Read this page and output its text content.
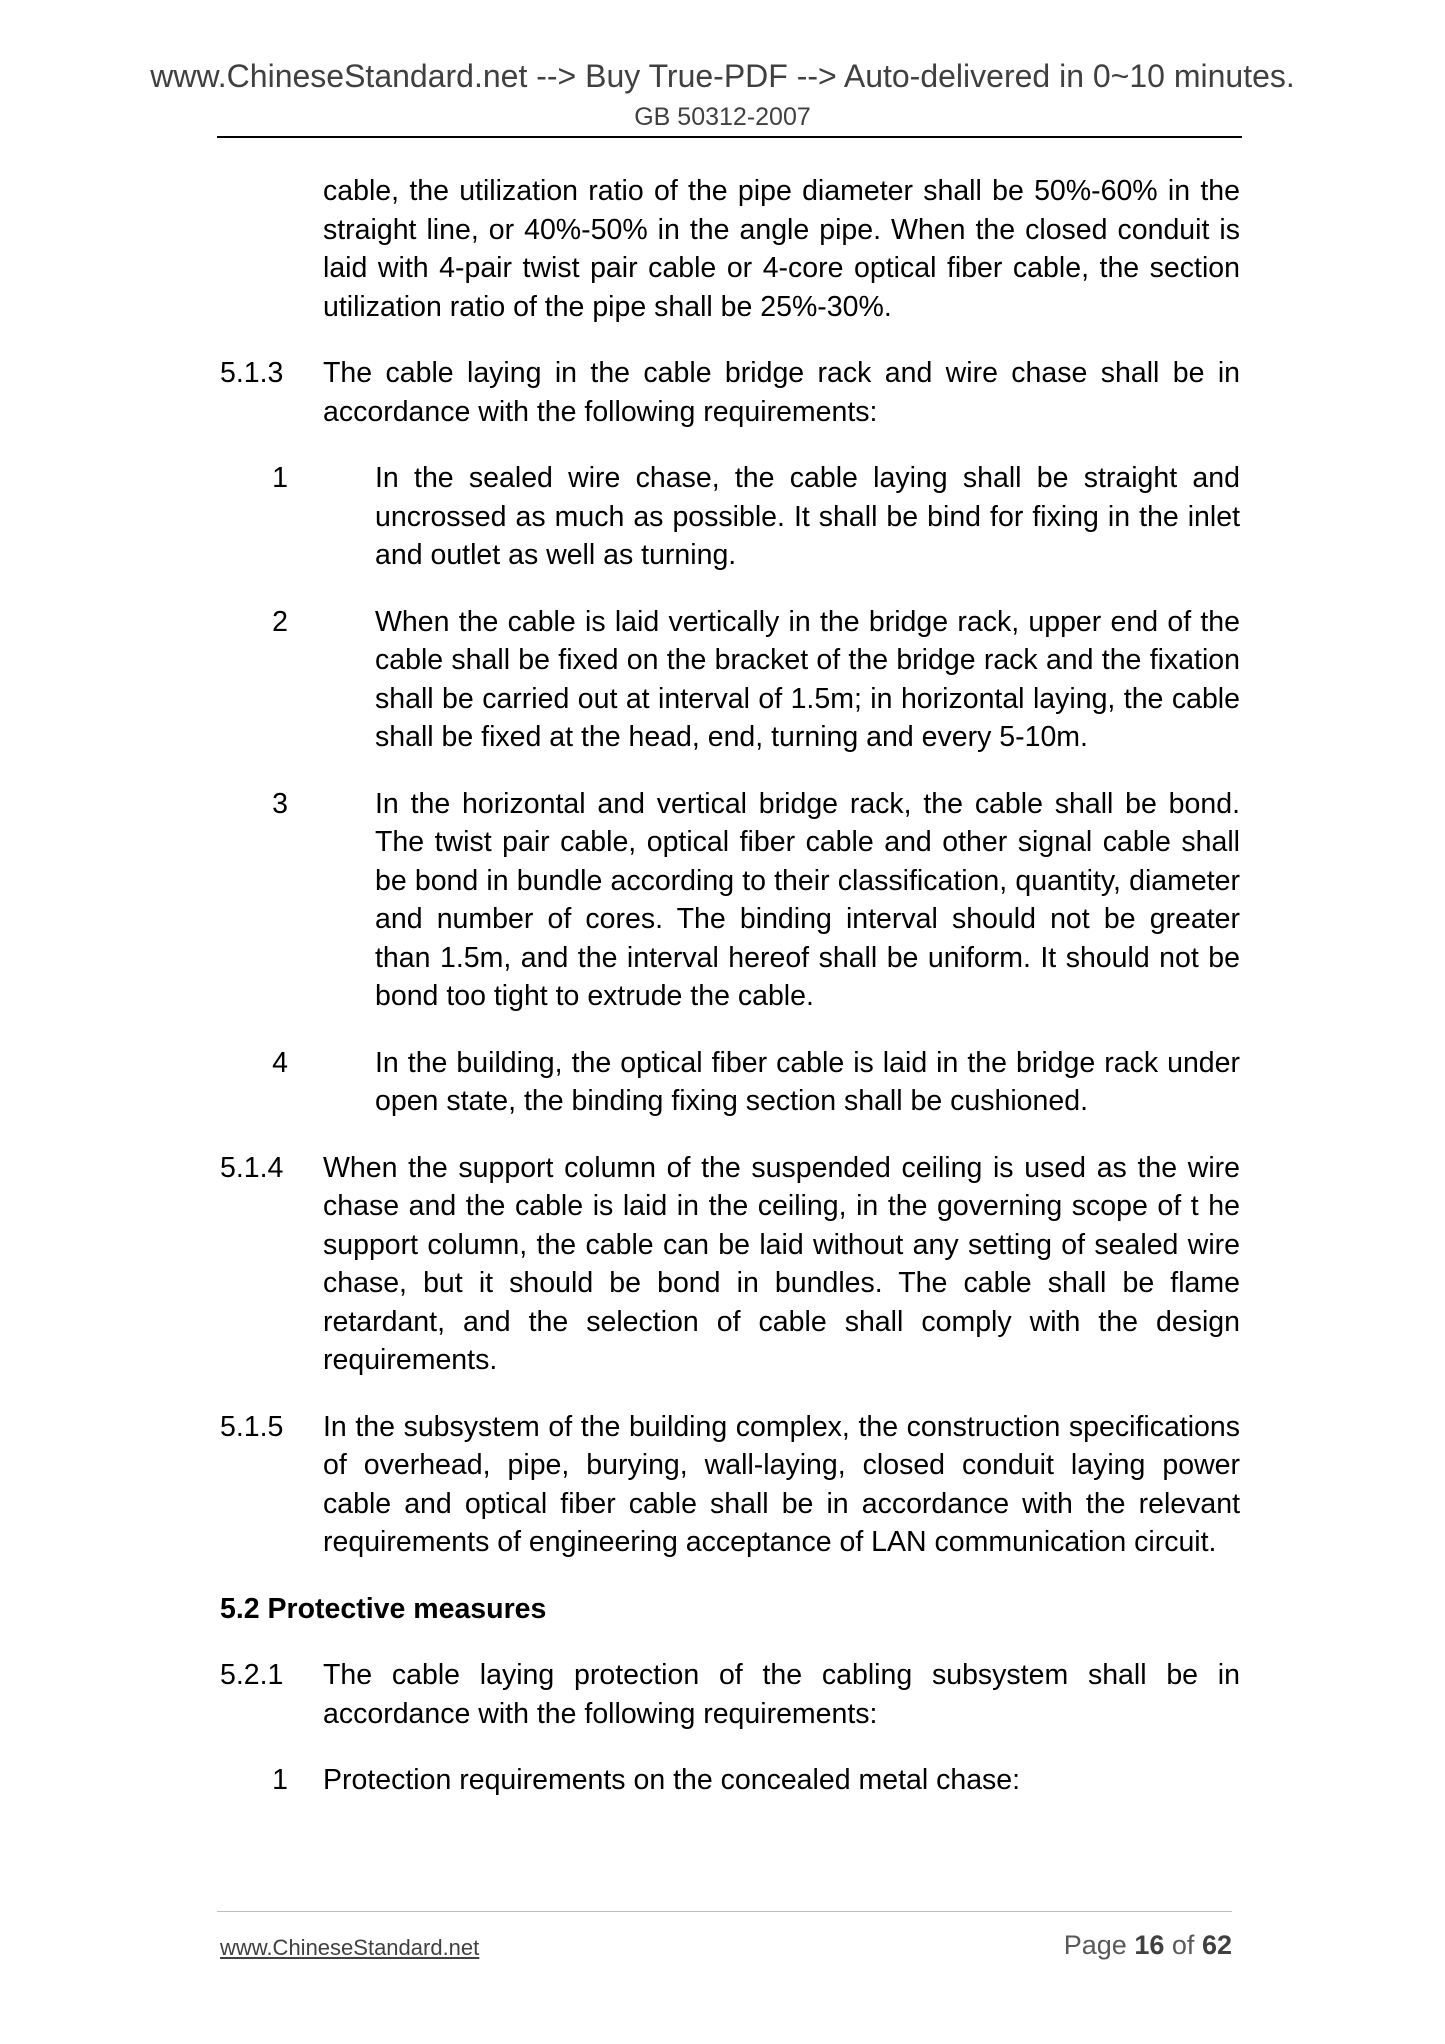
www.ChineseStandard.net --> Buy True-PDF --> Auto-delivered in 0~10 minutes.
GB 50312-2007
cable, the utilization ratio of the pipe diameter shall be 50%-60% in the straight line, or 40%-50% in the angle pipe. When the closed conduit is laid with 4-pair twist pair cable or 4-core optical fiber cable, the section utilization ratio of the pipe shall be 25%-30%.
5.1.3	The cable laying in the cable bridge rack and wire chase shall be in accordance with the following requirements:
1	In the sealed wire chase, the cable laying shall be straight and uncrossed as much as possible. It shall be bind for fixing in the inlet and outlet as well as turning.
2	When the cable is laid vertically in the bridge rack, upper end of the cable shall be fixed on the bracket of the bridge rack and the fixation shall be carried out at interval of 1.5m; in horizontal laying, the cable shall be fixed at the head, end, turning and every 5-10m.
3	In the horizontal and vertical bridge rack, the cable shall be bond. The twist pair cable, optical fiber cable and other signal cable shall be bond in bundle according to their classification, quantity, diameter and number of cores. The binding interval should not be greater than 1.5m, and the interval hereof shall be uniform. It should not be bond too tight to extrude the cable.
4	In the building, the optical fiber cable is laid in the bridge rack under open state, the binding fixing section shall be cushioned.
5.1.4	When the support column of the suspended ceiling is used as the wire chase and the cable is laid in the ceiling, in the governing scope of t he support column, the cable can be laid without any setting of sealed wire chase, but it should be bond in bundles. The cable shall be flame retardant, and the selection of cable shall comply with the design requirements.
5.1.5	In the subsystem of the building complex, the construction specifications of overhead, pipe, burying, wall-laying, closed conduit laying power cable and optical fiber cable shall be in accordance with the relevant requirements of engineering acceptance of LAN communication circuit.
5.2 Protective measures
5.2.1	The cable laying protection of the cabling subsystem shall be in accordance with the following requirements:
1	Protection requirements on the concealed metal chase:
www.ChineseStandard.net	Page 16 of 62
